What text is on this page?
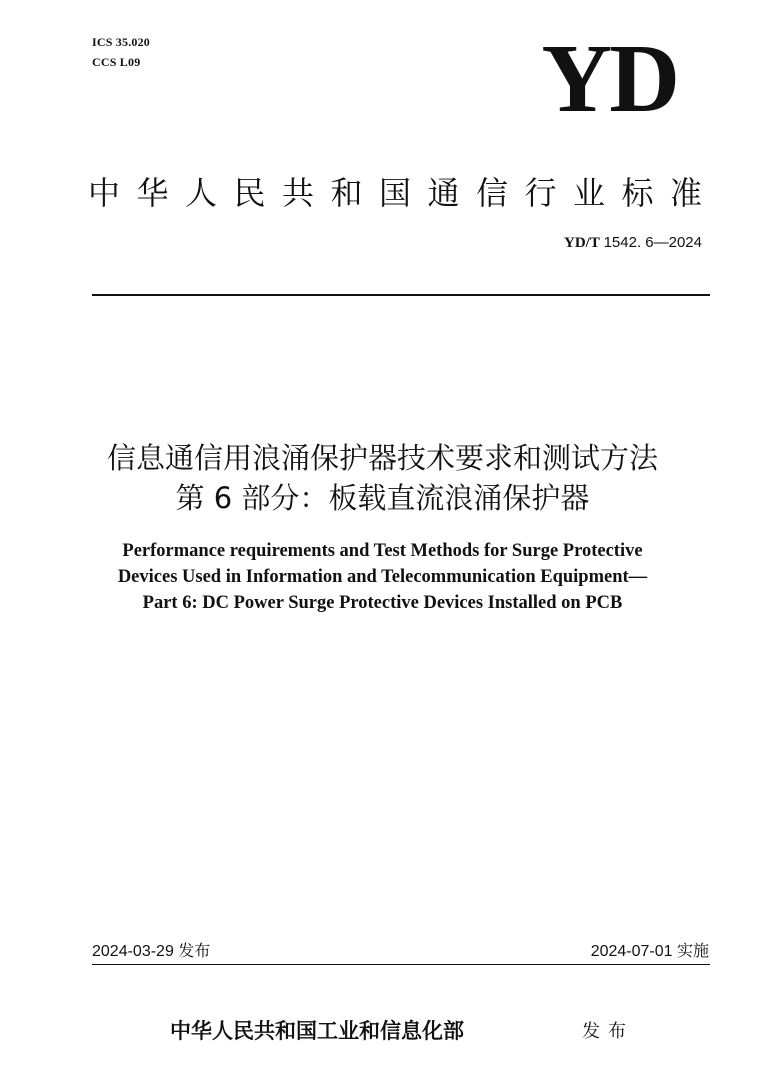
ICS 35.020
CCS L09	YD
中华人民共和国通信行业标准
YD/T 1542. 6—2024
信息通信用浪涌保护器技术要求和测试方法
第 6 部分：板载直流浪涌保护器
Performance requirements and Test Methods for Surge Protective
Devices Used in Information and Telecommunication Equipment—
Part 6: DC Power Surge Protective Devices Installed on PCB
2024-03-29 发布	2024-07-01 实施
中华人民共和国工业和信息化部	发布
